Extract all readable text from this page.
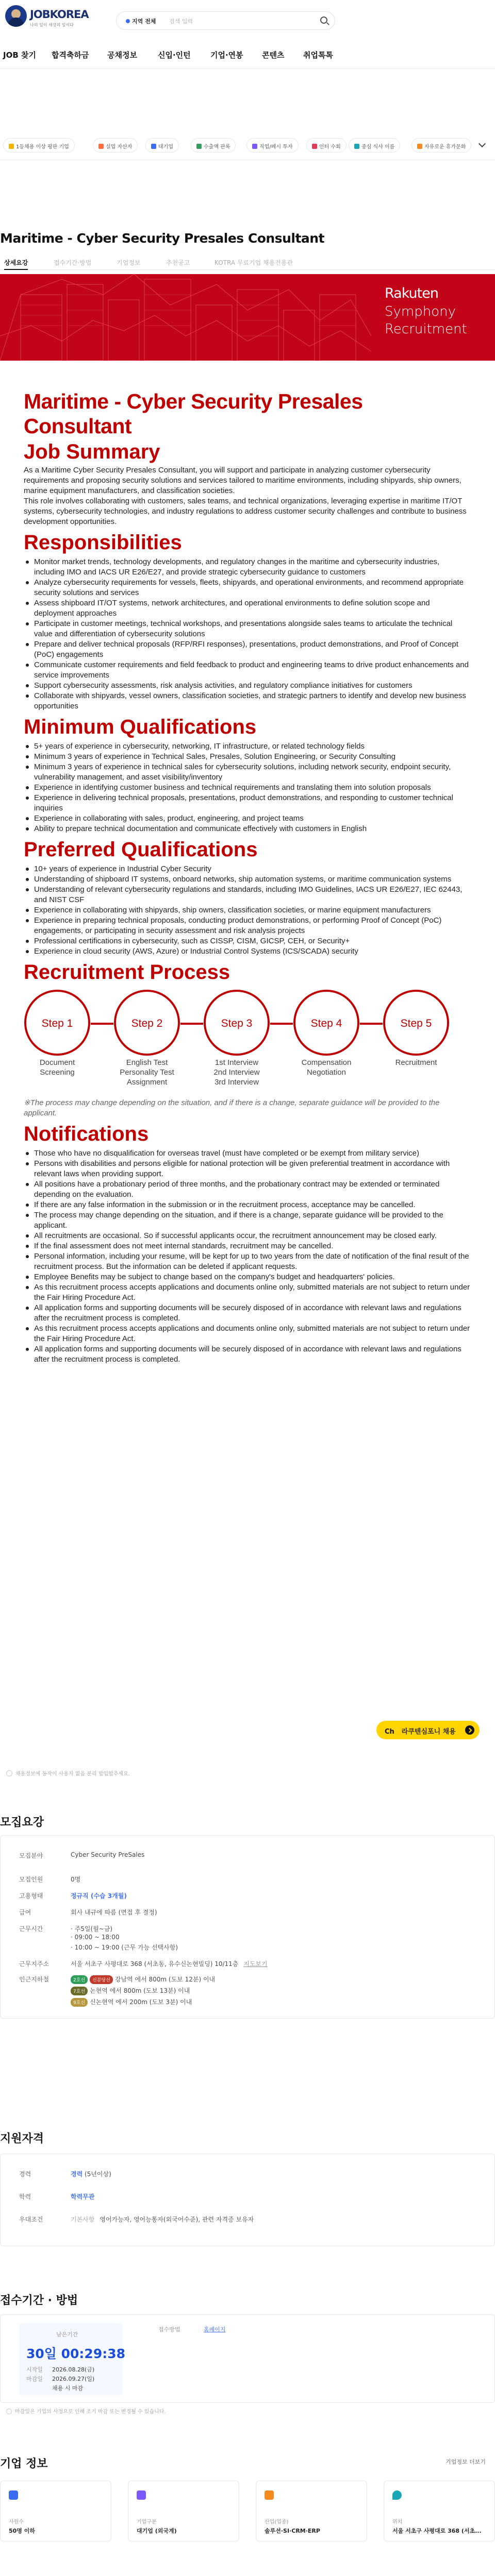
JOBKOREA
나의 일이 세상의 일이다
지역 전체 검색 입력
JOB 찾기 합격축하금 공채정보	신입·인턴	기업·연봉 콘텐츠 취업톡톡
1등채용 이상 평판 기업	실업 자산자	대기업	수출액 관록	직업/페시 투자	인터 수회	중심 식사 이름	자유로운 휴가문화
Maritime - Cyber Security Presales Consultant
상세요강	접수기간·방법	기업정보	추천공고	KOTRA 무료기업 채용전용관
Rakuten
Symphony
Recruitment
Maritime - Cyber Security Presales Consultant
Job Summary
As a Maritime Cyber Security Presales Consultant, you will support and participate in analyzing customer cybersecurity requirements and proposing security solutions and services tailored to maritime environments, including shipyards, ship owners, marine equipment manufacturers, and classification societies.
This role involves collaborating with customers, sales teams, and technical organizations, leveraging expertise in maritime IT/OT systems, cybersecurity technologies, and industry regulations to address customer security challenges and contribute to business development opportunities.
Responsibilities
Monitor market trends, technology developments, and regulatory changes in the maritime and cybersecurity industries, including IMO and IACS UR E26/E27, and provide strategic cybersecurity guidance to customers
Analyze cybersecurity requirements for vessels, fleets, shipyards, and operational environments, and recommend appropriate security solutions and services
Assess shipboard IT/OT systems, network architectures, and operational environments to define solution scope and deployment approaches
Participate in customer meetings, technical workshops, and presentations alongside sales teams to articulate the technical value and differentiation of cybersecurity solutions
Prepare and deliver technical proposals (RFP/RFI responses), presentations, product demonstrations, and Proof of Concept (PoC) engagements
Communicate customer requirements and field feedback to product and engineering teams to drive product enhancements and service improvements
Support cybersecurity assessments, risk analysis activities, and regulatory compliance initiatives for customers
Collaborate with shipyards, vessel owners, classification societies, and strategic partners to identify and develop new business opportunities
Minimum Qualifications
5+ years of experience in cybersecurity, networking, IT infrastructure, or related technology fields
Minimum 3 years of experience in Technical Sales, Presales, Solution Engineering, or Security Consulting
Minimum 3 years of experience in technical sales for cybersecurity solutions, including network security, endpoint security, vulnerability management, and asset visibility/inventory
Experience in identifying customer business and technical requirements and translating them into solution proposals
Experience in delivering technical proposals, presentations, product demonstrations, and responding to customer technical inquiries
Experience in collaborating with sales, product, engineering, and project teams
Ability to prepare technical documentation and communicate effectively with customers in English
Preferred Qualifications
10+ years of experience in Industrial Cyber Security
Understanding of shipboard IT systems, onboard networks, ship automation systems, or maritime communication systems
Understanding of relevant cybersecurity regulations and standards, including IMO Guidelines, IACS UR E26/E27, IEC 62443, and NIST CSF
Experience in collaborating with shipyards, ship owners, classification societies, or marine equipment manufacturers
Experience in preparing technical proposals, conducting product demonstrations, or performing Proof of Concept (PoC) engagements, or participating in security assessment and risk analysis projects
Professional certifications in cybersecurity, such as CISSP, CISM, GICSP, CEH, or Security+
Experience in cloud security (AWS, Azure) or Industrial Control Systems (ICS/SCADA) security
Recruitment Process
Step 1
Document
Screening
Step 2
English Test
Personality Test
Assignment
Step 3
1st Interview
2nd Interview
3rd Interview
Step 4
Compensation
Negotiation
Step 5
Recruitment
※The process may change depending on the situation, and if there is a change, separate guidance will be provided to the applicant.
Notifications
Those who have no disqualification for overseas travel (must have completed or be exempt from military service)
Persons with disabilities and persons eligible for national protection will be given preferential treatment in accordance with relevant laws when providing support.
All positions have a probationary period of three months, and the probationary contract may be extended or terminated depending on the evaluation.
If there are any false information in the submission or in the recruitment process, acceptance may be cancelled.
The process may change depending on the situation, and if there is a change, separate guidance will be provided to the applicant.
All recruitments are occasional. So if successful applicants occur, the recruitment announcement may be closed early.
If the final assessment does not meet internal standards, recruitment may be cancelled.
Personal information, including your resume, will be kept for up to two years from the date of notification of the final result of the recruitment process. But the information can be deleted if applicant requests.
Employee Benefits may be subject to change based on the company's budget and headquarters' policies.
As this recruitment process accepts applications and documents online only, submitted materials are not subject to return under the Fair Hiring Procedure Act.
All application forms and supporting documents will be securely disposed of in accordance with relevant laws and regulations after the recruitment process is completed.
As this recruitment process accepts applications and documents online only, submitted materials are not subject to return under the Fair Hiring Procedure Act.
All application forms and supporting documents will be securely disposed of in accordance with relevant laws and regulations after the recruitment process is completed.
Ch 라쿠텐심포니 채용
채용정보에 동작이 사용자 없음 분리 합입합추세요.
모집요강
모집분야	Cyber Security PreSales
모집인원	0명
고용형태	정규직 (수습 3개월)
급여	회사 내규에 따름 (면접 후 결정)
근무시간	· 주5일(월~금)
· 09:00 ~ 18:00
· 10:00 ~ 19:00 (근무 가능 선택사항)
근무지주소	서울 서초구 사평대로 368 (서초동, 유수신논현빌딩) 10/11층 지도보기
인근지하철	2호선 신분당선 강남역 에서 800m (도보 12분) 이내
7호선 논현역 에서 800m (도보 13분) 이내
9호선 신논현역 에서 200m (도보 3분) 이내
지원자격
경력	경력 (5년이상)
학력	학력무관
우대조건	기본사항 영어가능자, 영어능통자(외국어수준), 관련 자격증 보유자
접수기간 · 방법
남은기간
30일 00:29:38
시작일 2026.08.28(금)
마감일 2026.09.27(일)
채용 시 마감
접수방법	홈페이지
마감일은 기업의 사정으로 인해 조기 마감 또는 변경될 수 있습니다.
기업 정보	기업정보 더보기
사원수
50명 이하
기업구분
대기업 (외국계)
산업(업종)
솔루션·SI·CRM·ERP
위치
서울 서초구 사평대로 368 (서초...
